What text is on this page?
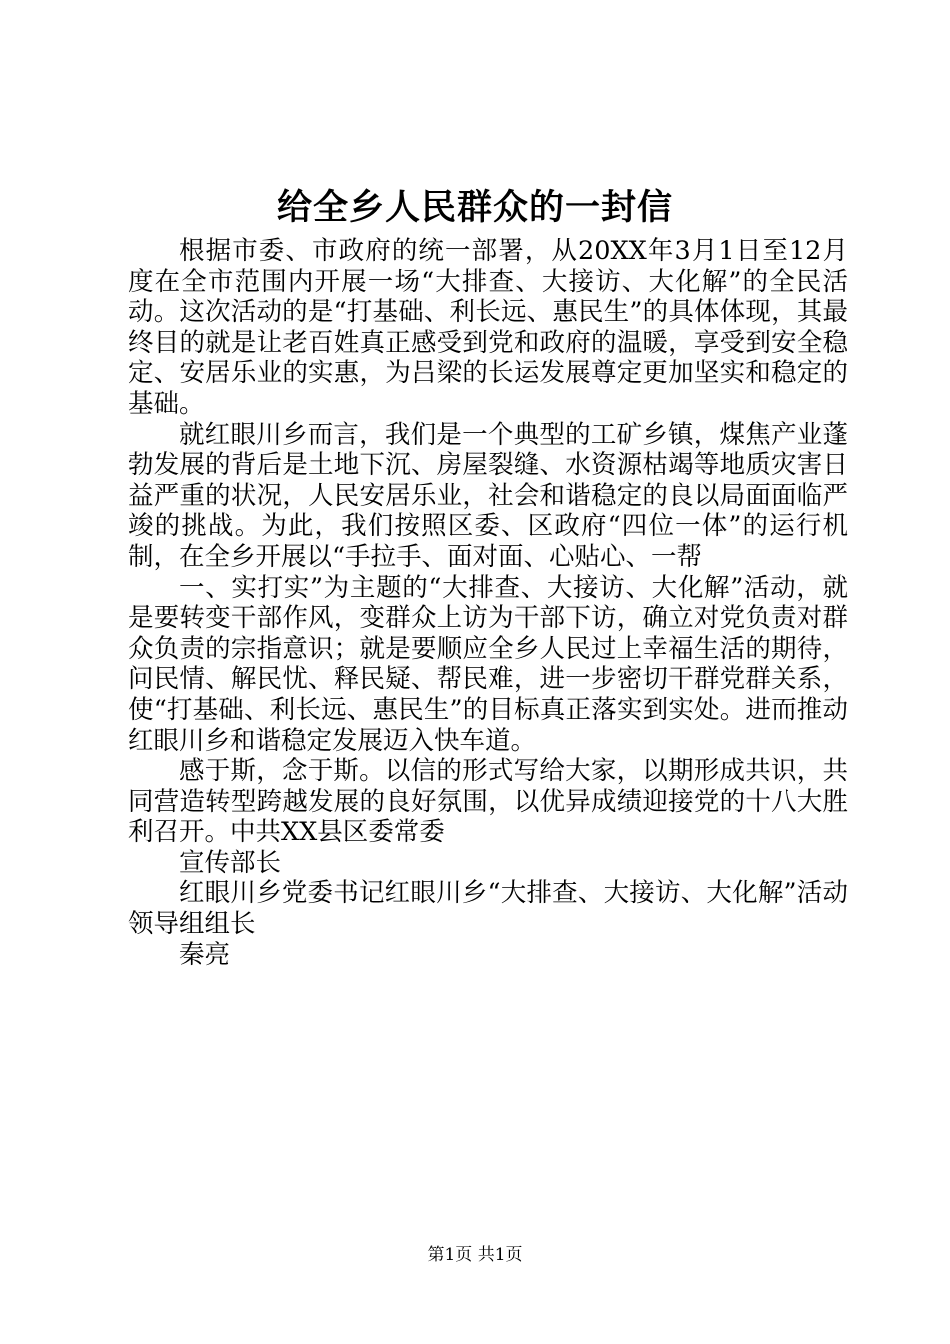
给全乡人民群众的一封信

根据市委、市政府的统一部署，从20XX年3月1日至12月度在全市范围内开展一场“大排查、大接访、大化解”的全民活动。这次活动的是“打基础、利长远、惠民生”的具体体现，其最终目的就是让老百姓真正感受到党和政府的温暖，享受到安全稳定、安居乐业的实惠，为吕梁的长运发展尊定更加坚实和稳定的基础。

就红眼川乡而言，我们是一个典型的工矿乡镇，煤焦产业蓬勃发展的背后是土地下沉、房屋裂缝、水资源枯竭等地质灾害日益严重的状况，人民安居乐业，社会和谐稳定的良以局面面临严竣的挑战。为此，我们按照区委、区政府“四位一体”的运行机制，在全乡开展以“手拉手、面对面、心贴心、一帮

一、实打实”为主题的“大排查、大接访、大化解”活动，就是要转变干部作风，变群众上访为干部下访，确立对党负责对群众负责的宗指意识；就是要顺应全乡人民过上幸福生活的期待，问民情、解民忧、释民疑、帮民难，进一步密切干群党群关系，使“打基础、利长远、惠民生”的目标真正落实到实处。进而推动红眼川乡和谐稳定发展迈入快车道。

感于斯，念于斯。以信的形式写给大家，以期形成共识，共同营造转型跨越发展的良好氛围，以优异成绩迎接党的十八大胜利召开。中共XX县区委常委

宣传部长

红眼川乡党委书记红眼川乡“大排查、大接访、大化解”活动领导组组长

秦亮

第1页 共1页
